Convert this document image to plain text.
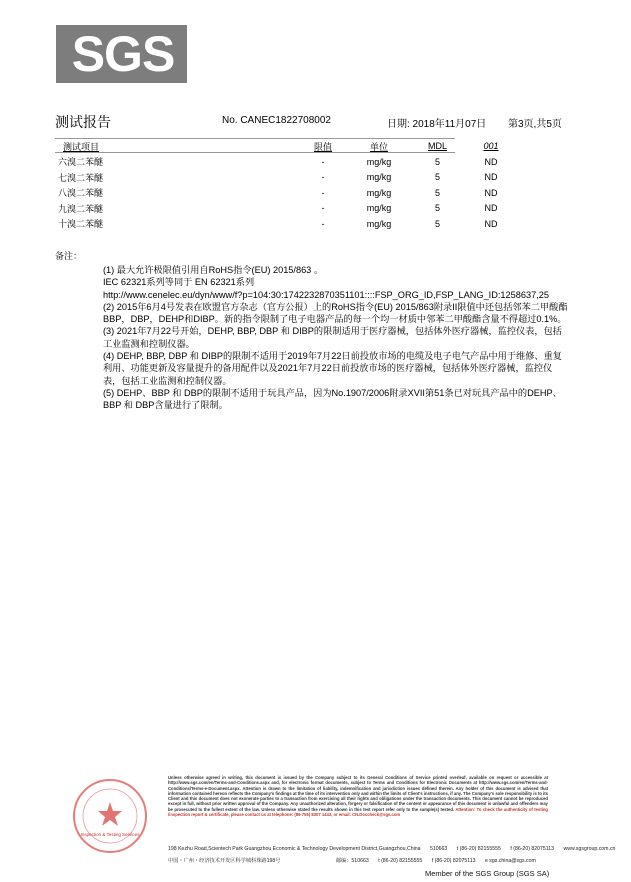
SGS
测试报告	No. CANEC1822708002	日期: 2018年11月07日 第3页,共5页
测试项目	限值	单位	MDL	001
六溴二苯醚	-	mg/kg	5	ND
七溴二苯醚	-	mg/kg	5	ND
八溴二苯醚	-	mg/kg	5	ND
九溴二苯醚	-	mg/kg	5	ND
十溴二苯醚	-	mg/kg	5	ND
备注：

(1) 最大允许极限值引用自RoHS指令(EU) 2015/863 。

IEC 62321系列等同于 EN 62321系列

http://www.cenelec.eu/dyn/www/f?p=104:30:1742232870351101::::FSP_ORG_ID,FSP_LANG_ID:1258637,25

(2) 2015年6月4号发表在欧盟官方杂志（官方公报）上的RoHS指令(EU) 2015/863附录II限值中还包括邻苯二甲酸酯BBP，DBP，DEHP和DIBP。新的指令限制了电子电器产品的每一个均一材质中邻苯二甲酸酯含量不得超过0.1%。

(3) 2021年7月22号开始，DEHP, BBP, DBP 和 DIBP的限制适用于医疗器械，包括体外医疗器械，监控仪表，包括工业监测和控制仪器。

(4) DEHP, BBP, DBP 和 DIBP的限制不适用于2019年7月22日前投放市场的电缆及电子电气产品中用于维修、重复利用、功能更新及容量提升的备用配件以及2021年7月22日前投放市场的医疗器械，包括体外医疗器械，监控仪表，包括工业监测和控制仪器。

(5) DEHP、BBP 和 DBP的限制不适用于玩具产品，因为No.1907/2006附录XVII第51条已对玩具产品中的DEHP、BBP 和 DBP含量进行了限制。

Inspection & Testing Services
Unless otherwise agreed in writing, this document is issued by the Company subject to its General Conditions of Service printed overleaf, available on request or accessible at http://www.sgs.com/en/Terms-and-Conditions.aspx and, for electronic format documents, subject to Terms and Conditions for Electronic Documents at http://www.sgs.com/en/Terms-and-Conditions/Terms-e-Document.aspx. Attention is drawn to the limitation of liability, indemnification and jurisdiction issues defined therein. Any holder of this document is advised that information contained hereon reflects the Company's findings at the time of its intervention only and within the limits of Client's instructions, if any. The Company's sole responsibility is to its Client and this document does not exonerate parties to a transaction from exercising all their rights and obligations under the transaction documents. This document cannot be reproduced except in full, without prior written approval of the Company. Any unauthorized alteration, forgery or falsification of the content or appearance of this document is unlawful and offenders may be prosecuted to the fullest extent of the law. Unless otherwise stated the results shown in this test report refer only to the sample(s) tested. Attention: To check the authenticity of testing /inspection report & certificate, please contact us at telephone: (86-755) 8307 1443, or email: CN.Doccheck@sgs.com
198 Kezhu Road,Scientech Park Guangzhou Economic & Technology Development District,Guangzhou,China 510663 t (86-20) 82155555 f (86-20) 82075113 www.sgsgroup.com.cn
中国・广州・经济技术开发区科学城科珠路198号	邮编：510663 t (86-20) 82155555 f (86-20) 82075113 e sgs.china@sgs.com
Member of the SGS Group (SGS SA)
